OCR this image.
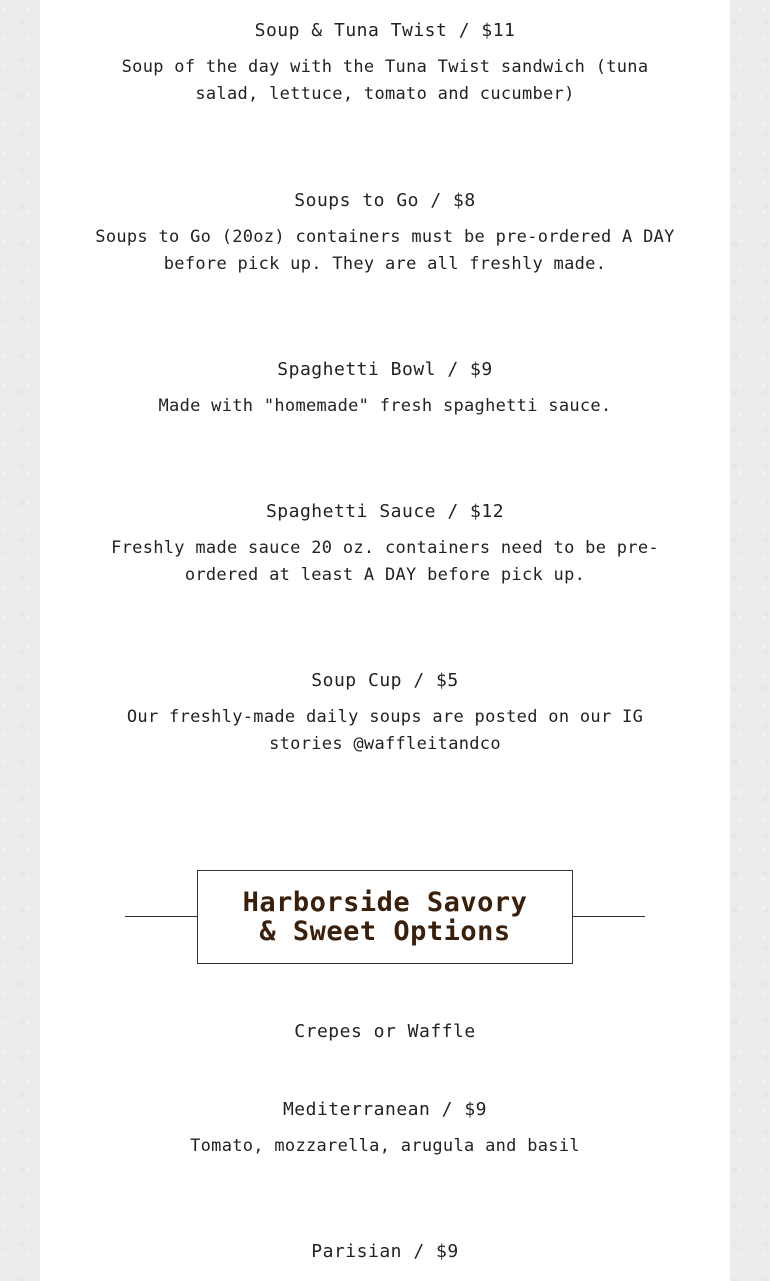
Soup & Tuna Twist / $11

Soup of the day with the Tuna Twist sandwich (tuna salad, lettuce, tomato and cucumber)

Soups to Go / $8

Soups to Go (20oz) containers must be pre-ordered A DAY before pick up. They are all freshly made.

Spaghetti Bowl / $9

Made with "homemade" fresh spaghetti sauce.

Spaghetti Sauce / $12

Freshly made sauce 20 oz. containers need to be pre-ordered at least A DAY before pick up.

Soup Cup / $5

Our freshly-made daily soups are posted on our IG stories @waffleitandco

Harborside Savory
& Sweet Options
Crepes or Waffle

Mediterranean / $9

Tomato, mozzarella, arugula and basil

Parisian / $9
